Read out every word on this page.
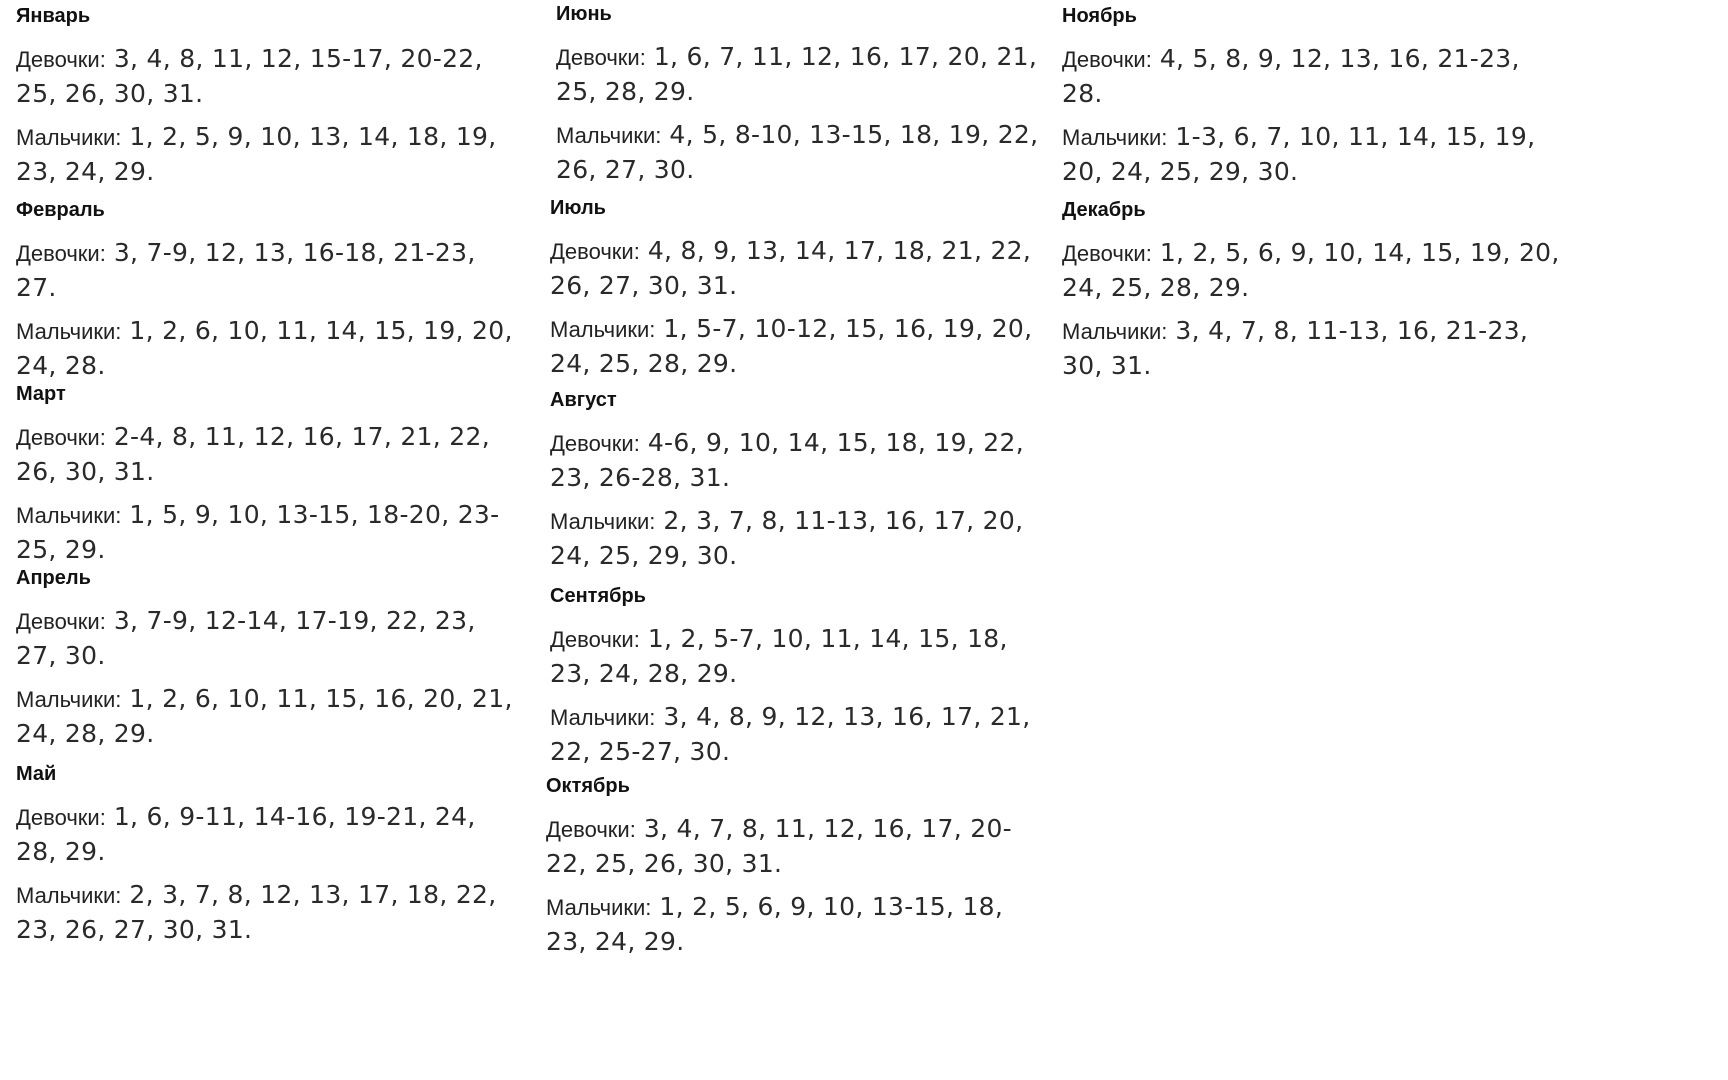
Январь
Девочки: 3, 4, 8, 11, 12, 15-17, 20-22, 25, 26, 30, 31.
Мальчики: 1, 2, 5, 9, 10, 13, 14, 18, 19, 23, 24, 29.
Февраль
Девочки: 3, 7-9, 12, 13, 16-18, 21-23, 27.
Мальчики: 1, 2, 6, 10, 11, 14, 15, 19, 20, 24, 28.
Март
Девочки: 2-4, 8, 11, 12, 16, 17, 21, 22, 26, 30, 31.
Мальчики: 1, 5, 9, 10, 13-15, 18-20, 23-25, 29.
Апрель
Девочки: 3, 7-9, 12-14, 17-19, 22, 23, 27, 30.
Мальчики: 1, 2, 6, 10, 11, 15, 16, 20, 21, 24, 28, 29.
Май
Девочки: 1, 6, 9-11, 14-16, 19-21, 24, 28, 29.
Мальчики: 2, 3, 7, 8, 12, 13, 17, 18, 22, 23, 26, 27, 30, 31.
Июнь
Девочки: 1, 6, 7, 11, 12, 16, 17, 20, 21, 25, 28, 29.
Мальчики: 4, 5, 8-10, 13-15, 18, 19, 22, 26, 27, 30.
Июль
Девочки: 4, 8, 9, 13, 14, 17, 18, 21, 22, 26, 27, 30, 31.
Мальчики: 1, 5-7, 10-12, 15, 16, 19, 20, 24, 25, 28, 29.
Август
Девочки: 4-6, 9, 10, 14, 15, 18, 19, 22, 23, 26-28, 31.
Мальчики: 2, 3, 7, 8, 11-13, 16, 17, 20, 24, 25, 29, 30.
Сентябрь
Девочки: 1, 2, 5-7, 10, 11, 14, 15, 18, 23, 24, 28, 29.
Мальчики: 3, 4, 8, 9, 12, 13, 16, 17, 21, 22, 25-27, 30.
Октябрь
Девочки: 3, 4, 7, 8, 11, 12, 16, 17, 20-22, 25, 26, 30, 31.
Мальчики: 1, 2, 5, 6, 9, 10, 13-15, 18, 23, 24, 29.
Ноябрь
Девочки: 4, 5, 8, 9, 12, 13, 16, 21-23, 28.
Мальчики: 1-3, 6, 7, 10, 11, 14, 15, 19, 20, 24, 25, 29, 30.
Декабрь
Девочки: 1, 2, 5, 6, 9, 10, 14, 15, 19, 20, 24, 25, 28, 29.
Мальчики: 3, 4, 7, 8, 11-13, 16, 21-23, 30, 31.
